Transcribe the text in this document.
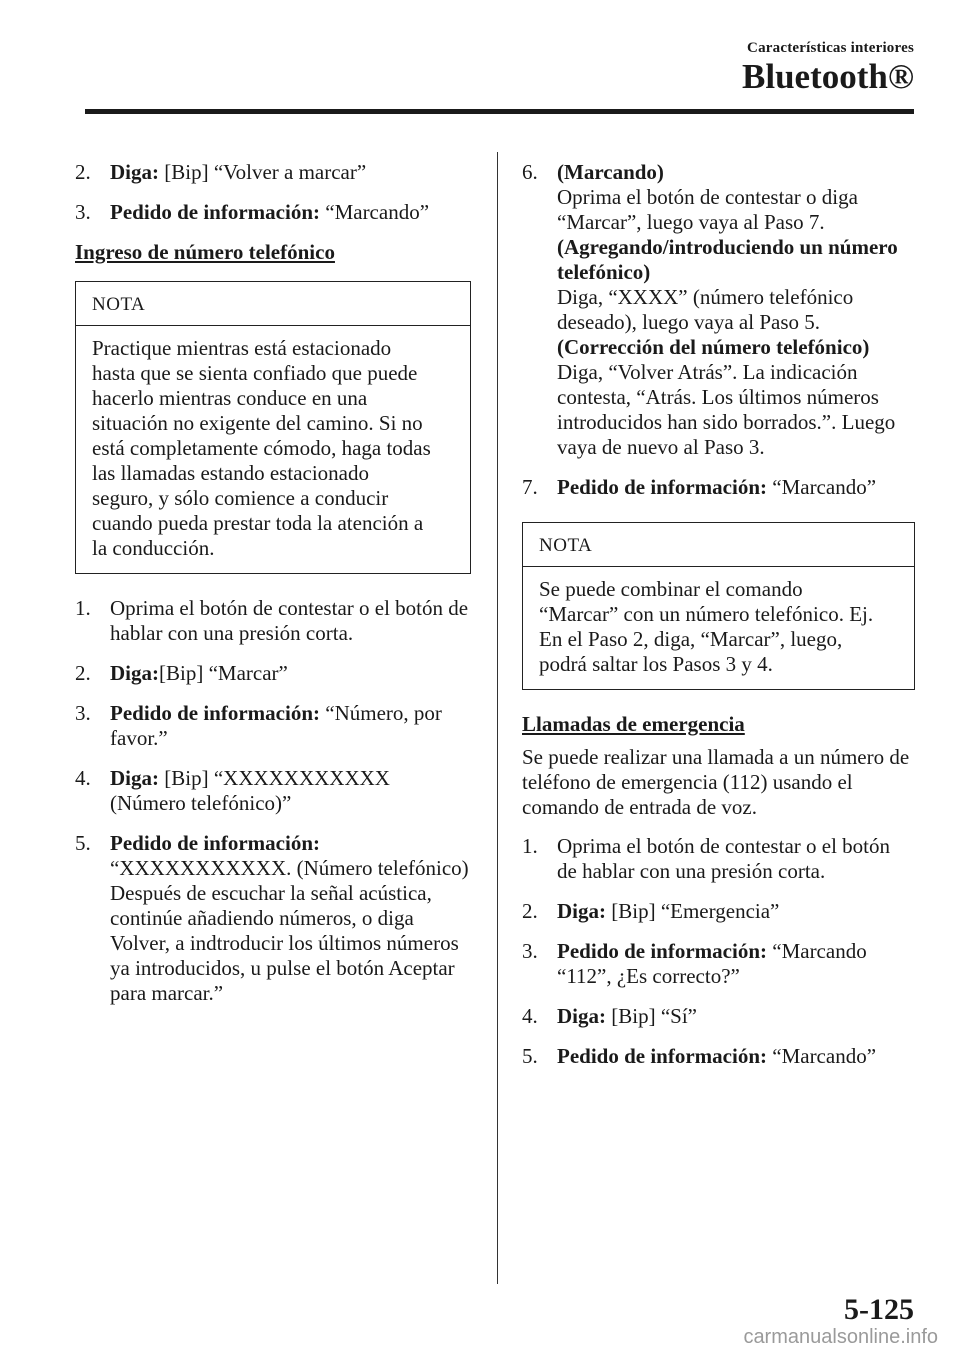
Características interiores
Bluetooth®
2. Diga: [Bip] “Volver a marcar”
3. Pedido de información: “Marcando”
Ingreso de número telefónico
NOTA
Practique mientras está estacionado
hasta que se sienta confiado que puede
hacerlo mientras conduce en una
situación no exigente del camino. Si no
está completamente cómodo, haga todas
las llamadas estando estacionado
seguro, y sólo comience a conducir
cuando pueda prestar toda la atención a
la conducción.
1. Oprima el botón de contestar o el botón de hablar con una presión corta.
2. Diga:[Bip] “Marcar”
3. Pedido de información: “Número, por favor.”
4. Diga: [Bip] “XXXXXXXXXXX (Número telefónico)”
5. Pedido de información:
“XXXXXXXXXXX. (Número telefónico) Después de escuchar la señal acústica, continúe añadiendo números, o diga Volver, a indtroducir los últimos números ya introducidos, u pulse el botón Aceptar para marcar.”
6. (Marcando)
Oprima el botón de contestar o diga “Marcar”, luego vaya al Paso 7.
(Agregando/introduciendo un número telefónico)
Diga, “XXXX” (número telefónico deseado), luego vaya al Paso 5.
(Corrección del número telefónico)
Diga, “Volver Atrás”. La indicación contesta, “Atrás. Los últimos números introducidos han sido borrados.”. Luego vaya de nuevo al Paso 3.
7. Pedido de información: “Marcando”
NOTA
Se puede combinar el comando
“Marcar” con un número telefónico. Ej.
En el Paso 2, diga, “Marcar”, luego,
podrá saltar los Pasos 3 y 4.
Llamadas de emergencia
Se puede realizar una llamada a un número de teléfono de emergencia (112) usando el comando de entrada de voz.
1. Oprima el botón de contestar o el botón de hablar con una presión corta.
2. Diga: [Bip] “Emergencia”
3. Pedido de información: “Marcando “112”, ¿Es correcto?”
4. Diga: [Bip] “Sí”
5. Pedido de información: “Marcando”
5-125
carmanualsonline.info
